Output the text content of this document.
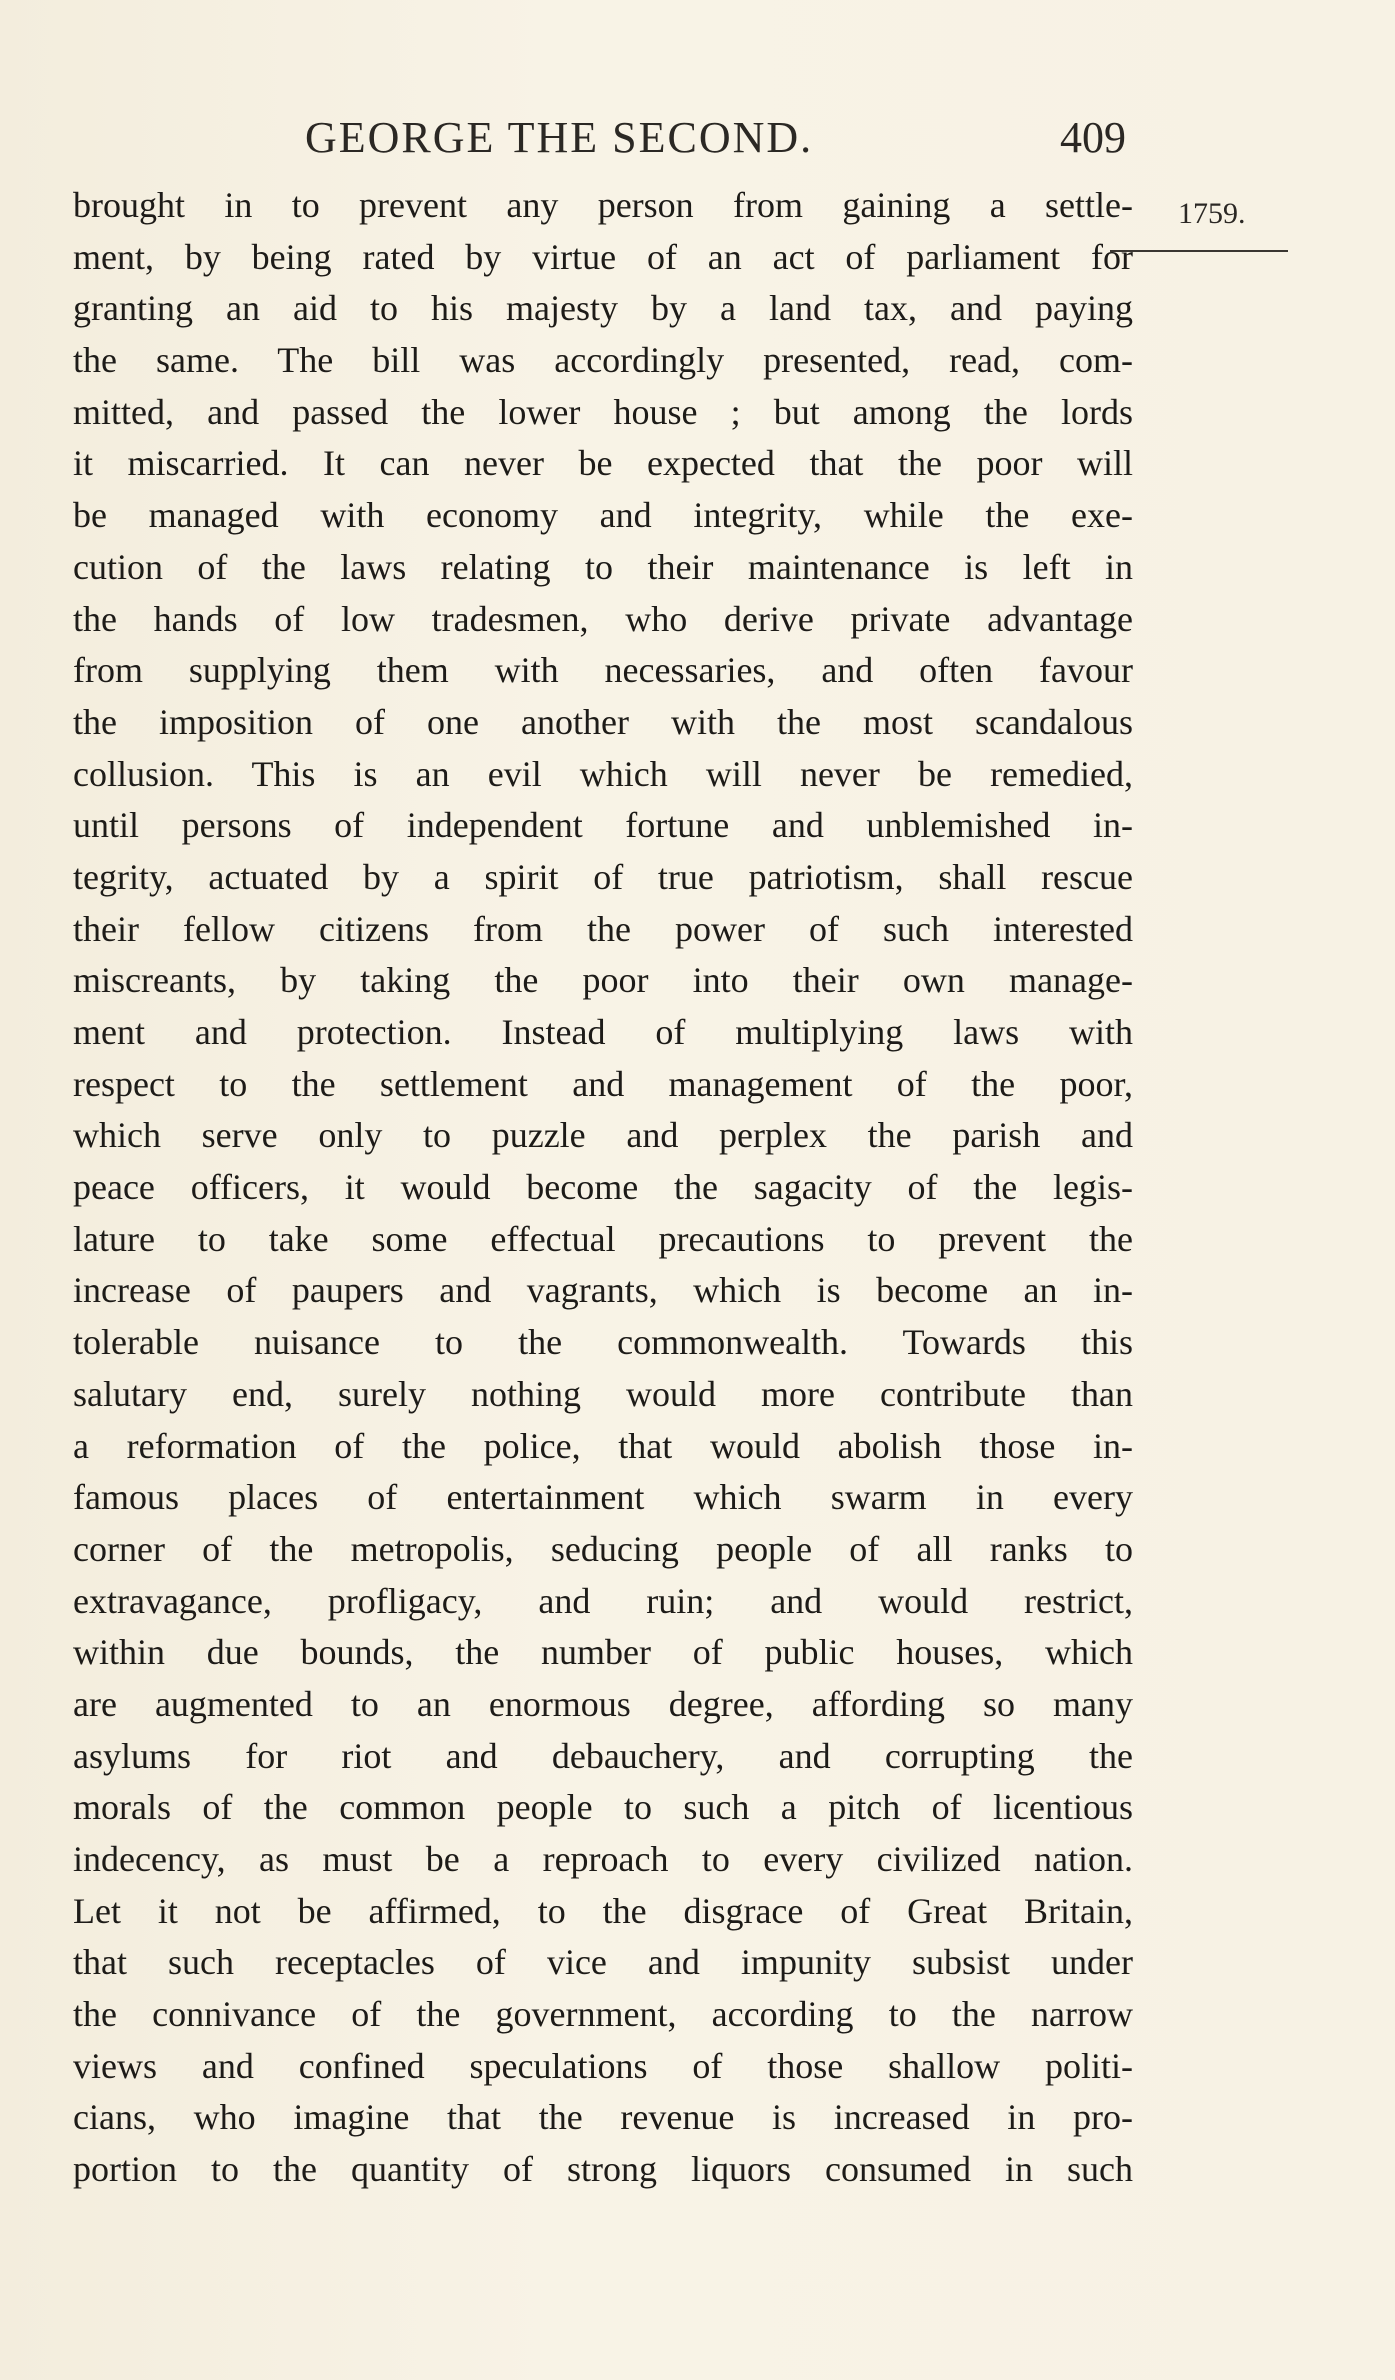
GEORGE THE SECOND.	409
1759.
brought in to prevent any person from gaining a settle-
ment, by being rated by virtue of an act of parliament for
granting an aid to his majesty by a land tax, and paying
the same. The bill was accordingly presented, read, com-
mitted, and passed the lower house ; but among the lords
it miscarried. It can never be expected that the poor will
be managed with economy and integrity, while the exe-
cution of the laws relating to their maintenance is left in
the hands of low tradesmen, who derive private advantage
from supplying them with necessaries, and often favour
the imposition of one another with the most scandalous
collusion. This is an evil which will never be remedied,
until persons of independent fortune and unblemished in-
tegrity, actuated by a spirit of true patriotism, shall rescue
their fellow citizens from the power of such interested
miscreants, by taking the poor into their own manage-
ment and protection. Instead of multiplying laws with
respect to the settlement and management of the poor,
which serve only to puzzle and perplex the parish and
peace officers, it would become the sagacity of the legis-
lature to take some effectual precautions to prevent the
increase of paupers and vagrants, which is become an in-
tolerable nuisance to the commonwealth. Towards this
salutary end, surely nothing would more contribute than
a reformation of the police, that would abolish those in-
famous places of entertainment which swarm in every
corner of the metropolis, seducing people of all ranks to
extravagance, profligacy, and ruin; and would restrict,
within due bounds, the number of public houses, which
are augmented to an enormous degree, affording so many
asylums for riot and debauchery, and corrupting the
morals of the common people to such a pitch of licentious
indecency, as must be a reproach to every civilized nation.
Let it not be affirmed, to the disgrace of Great Britain,
that such receptacles of vice and impunity subsist under
the connivance of the government, according to the narrow
views and confined speculations of those shallow politi-
cians, who imagine that the revenue is increased in pro-
portion to the quantity of strong liquors consumed in such
